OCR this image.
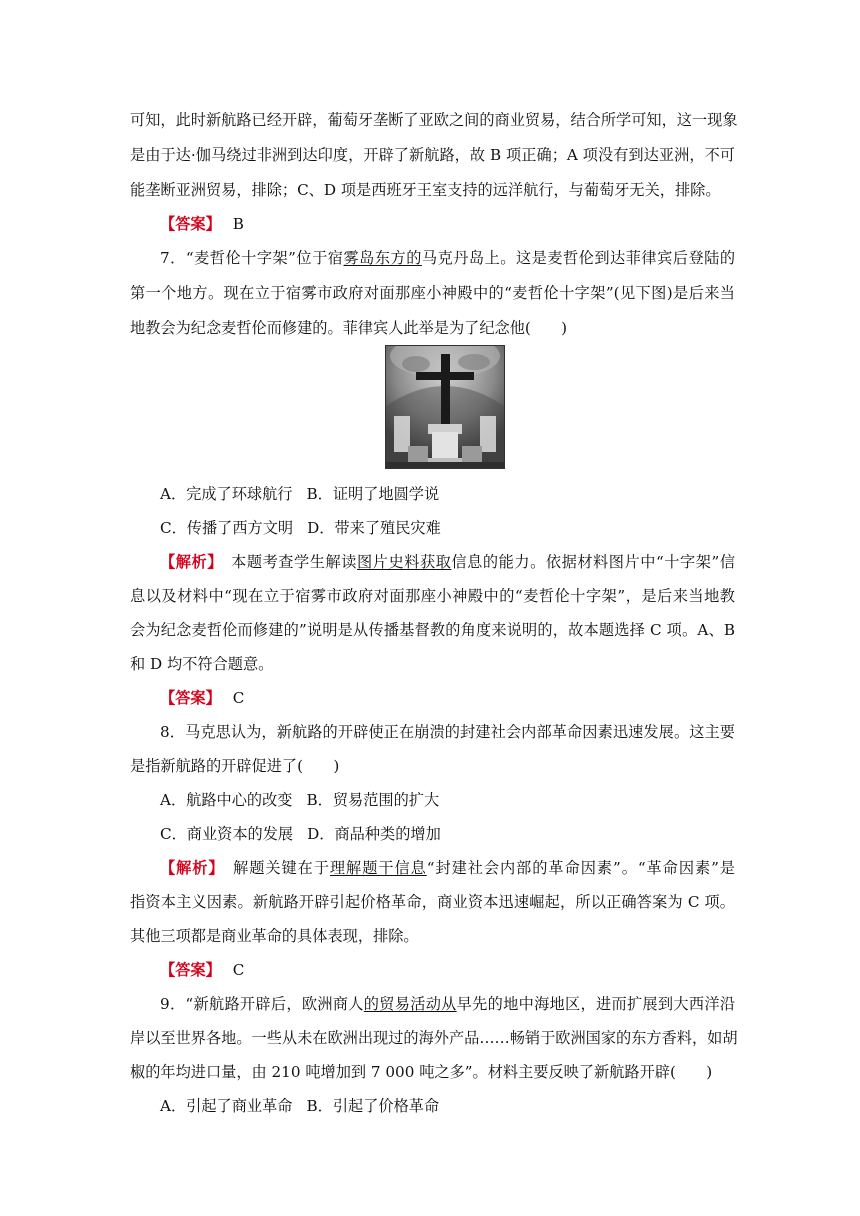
可知，此时新航路已经开辟，葡萄牙垄断了亚欧之间的商业贸易，结合所学可知，这一现象
是由于达·伽马绕过非洲到达印度，开辟了新航路，故 B 项正确；A 项没有到达亚洲，不可
能垄断亚洲贸易，排除；C、D 项是西班牙王室支持的远洋航行，与葡萄牙无关，排除。
【答案】 B
7．“麦哲伦十字架”位于宿雾岛东方的马克丹岛上。这是麦哲伦到达菲律宾后登陆的
第一个地方。现在立于宿雾市政府对面那座小神殿中的“麦哲伦十字架”(见下图)是后来当
地教会为纪念麦哲伦而修建的。菲律宾人此举是为了纪念他(　　)
A．完成了环球航行 B．证明了地圆学说
C．传播了西方文明 D．带来了殖民灾难
【解析】　本题考查学生解读图片史料获取信息的能力。依据材料图片中“十字架”信
息以及材料中“现在立于宿雾市政府对面那座小神殿中的“麦哲伦十字架”，是后来当地教
会为纪念麦哲伦而修建的”说明是从传播基督教的角度来说明的，故本题选择 C 项。A、B
和 D 均不符合题意。
【答案】 C
8．马克思认为，新航路的开辟使正在崩溃的封建社会内部革命因素迅速发展。这主要
是指新航路的开辟促进了(　　)
A．航路中心的改变 B．贸易范围的扩大
C．商业资本的发展 D．商品种类的增加
【解析】　解题关键在于理解题干信息“封建社会内部的革命因素”。“革命因素”是
指资本主义因素。新航路开辟引起价格革命，商业资本迅速崛起，所以正确答案为 C 项。
其他三项都是商业革命的具体表现，排除。
【答案】 C
9．“新航路开辟后，欧洲商人的贸易活动从早先的地中海地区，进而扩展到大西洋沿
岸以至世界各地。一些从未在欧洲出现过的海外产品……畅销于欧洲国家的东方香料，如胡
椒的年均进口量，由 210 吨增加到 7 000 吨之多”。材料主要反映了新航路开辟(　　)
A．引起了商业革命 B．引起了价格革命
